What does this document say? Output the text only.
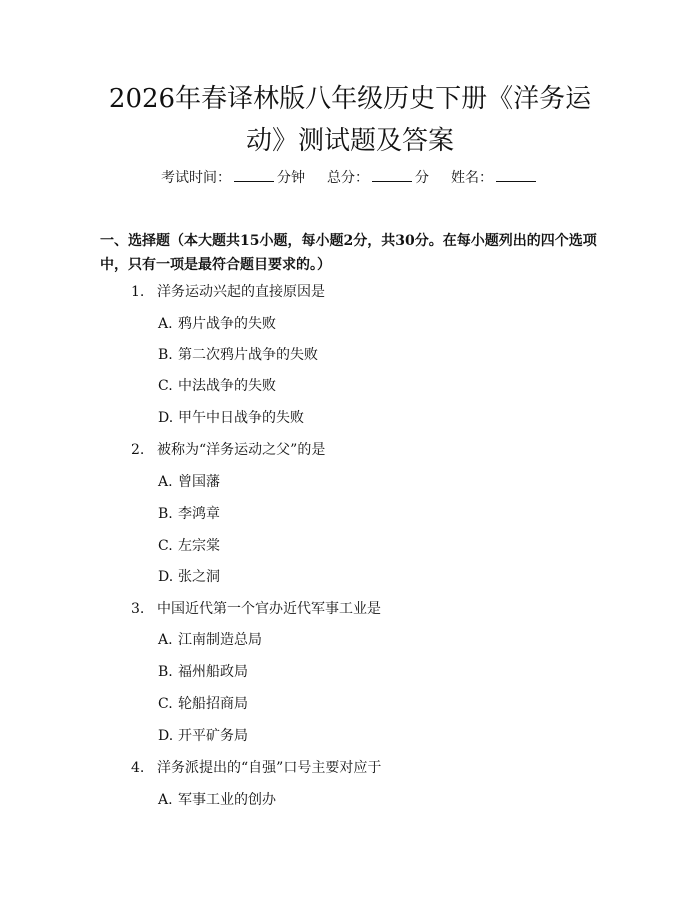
2026年春译林版八年级历史下册《洋务运动》测试题及答案
考试时间：	分钟 总分：	分 姓名：

一、选择题（本大题共15小题，每小题2分，共30分。在每小题列出的四个选项中，只有一项是最符合题目要求的。）

1. 洋务运动兴起的直接原因是
A. 鸦片战争的失败
B. 第二次鸦片战争的失败
C. 中法战争的失败
D. 甲午中日战争的失败
2. 被称为“洋务运动之父”的是
A. 曾国藩
B. 李鸿章
C. 左宗棠
D. 张之洞
3. 中国近代第一个官办近代军事工业是
A. 江南制造总局
B. 福州船政局
C. 轮船招商局
D. 开平矿务局
4. 洋务派提出的“自强”口号主要对应于
A. 军事工业的创办
